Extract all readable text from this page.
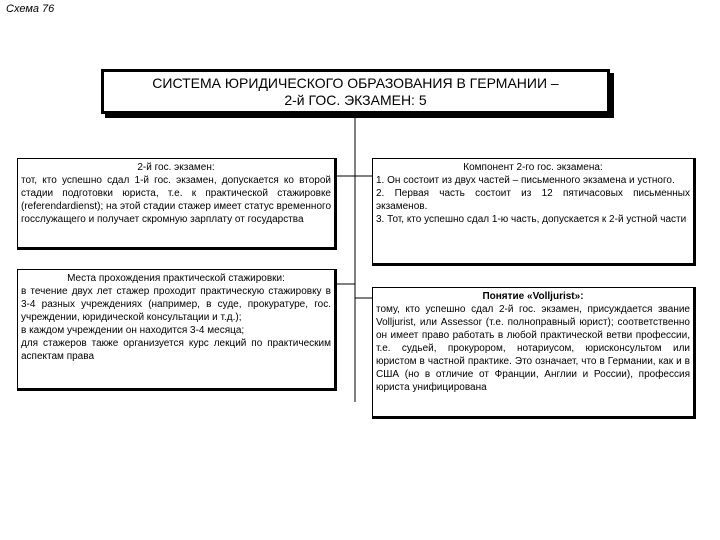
Схема 76
СИСТЕМА ЮРИДИЧЕСКОГО ОБРАЗОВАНИЯ В ГЕРМАНИИ –
2-й ГОС. ЭКЗАМЕН: 5
2-й гос. экзамен:

тот, кто успешно сдал 1-й гос. экзамен, допускается ко второй стадии подготовки юриста, т.е. к практической стажировке (referendardienst); на этой стадии стажер имеет статус временного госслужащего и получает скромную зарплату от государства

Места прохождения практической стажировки:

в течение двух лет стажер проходит практическую стажировку в 3-4 разных учреждениях (например, в суде, прокуратуре, гос. учреждении, юридической консультации и т.д.);

в каждом учреждении он находится 3-4 месяца;

для стажеров также организуется курс лекций по практическим аспектам права

Компонент 2-го гос. экзамена:

1. Он состоит из двух частей – письменного экзамена и устного.

2. Первая часть состоит из 12 пятичасовых письменных экзаменов.

3. Тот, кто успешно сдал 1-ю часть, допускается к 2-й устной части

Понятие «Volljurist»:

тому, кто успешно сдал 2-й гос. экзамен, присуждается звание Volljurist, или Assessor (т.е. полноправный юрист); соответственно он имеет право работать в любой практической ветви профессии, т.е. судьей, прокурором, нотариусом, юрисконсультом или юристом в частной практике. Это означает, что в Германии, как и в США (но в отличие от Франции, Англии и России), профессия юриста унифицирована
